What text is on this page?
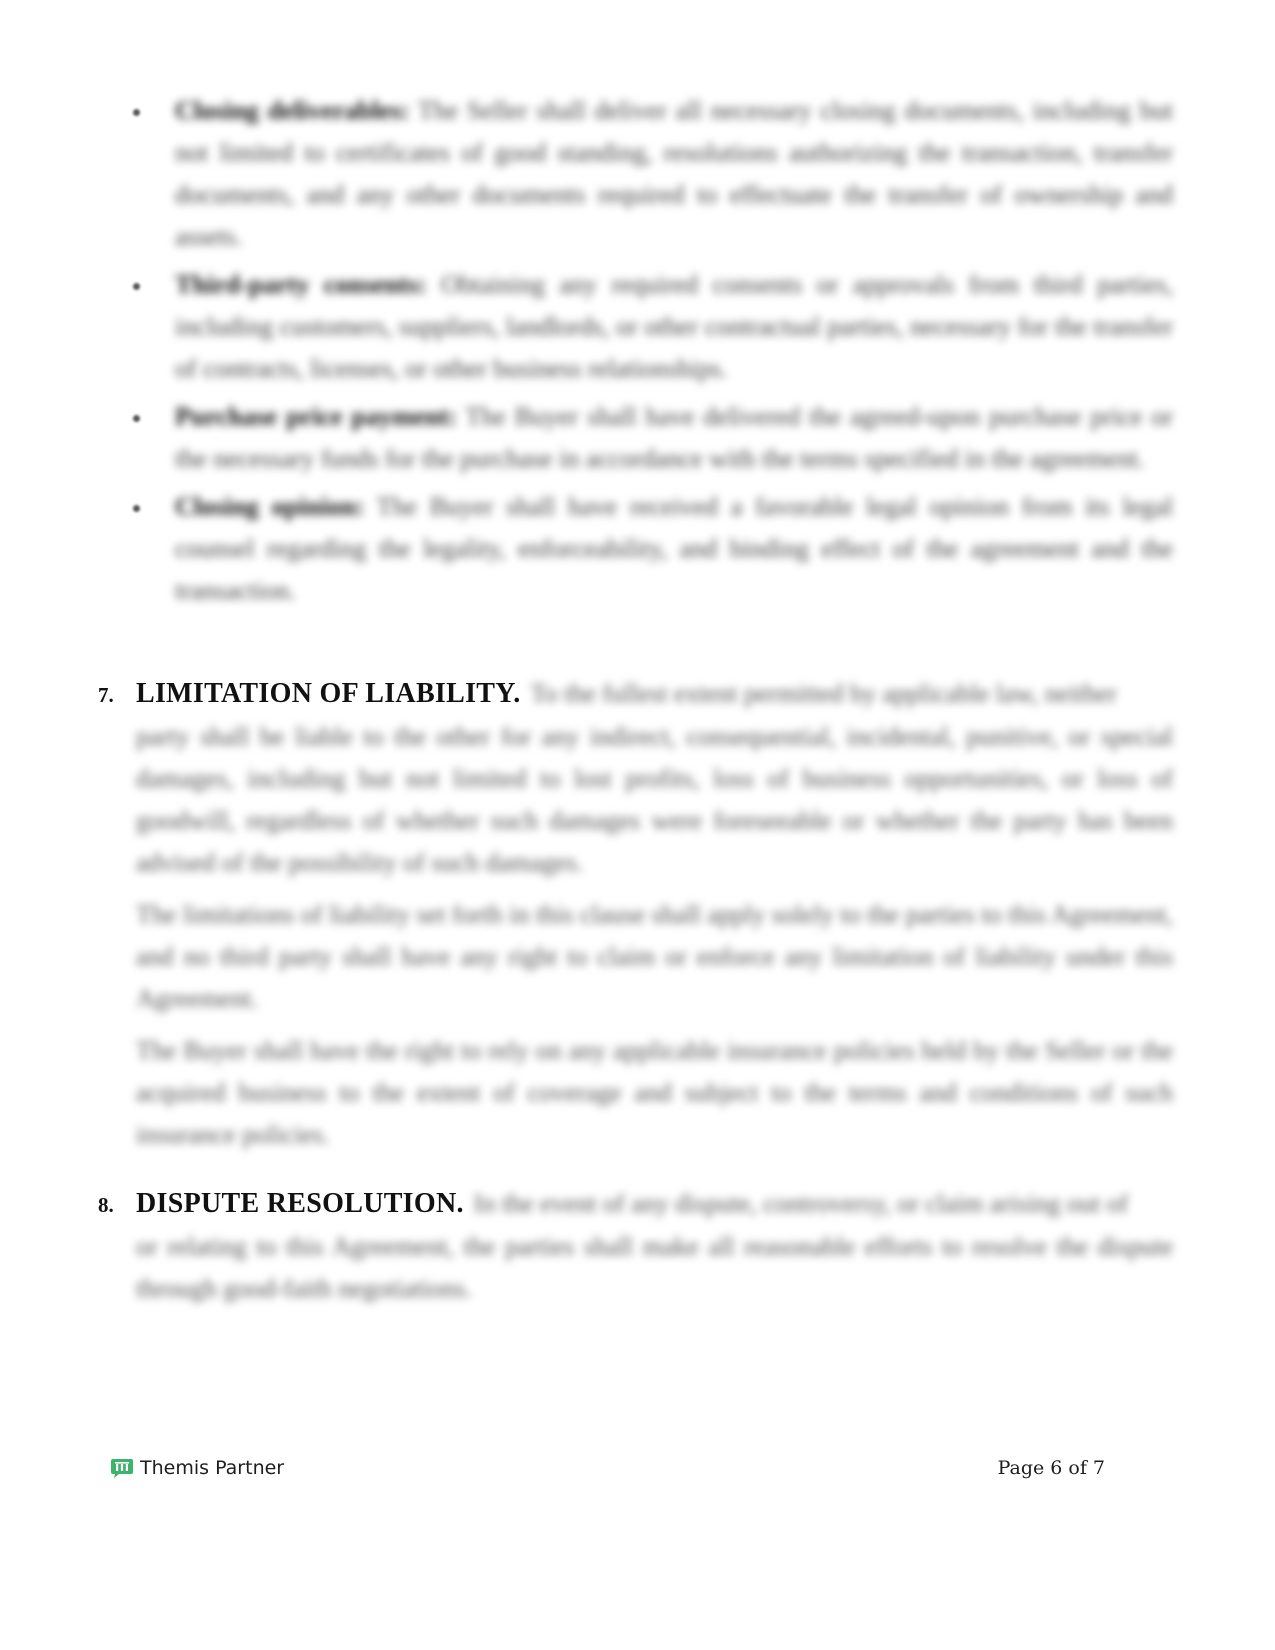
Closing deliverables: The Seller shall deliver all necessary closing documents, including but not limited to certificates of good standing, resolutions authorizing the transaction, transfer documents, and any other documents required to effectuate the transfer of ownership and assets.
Third-party consents: Obtaining any required consents or approvals from third parties, including customers, suppliers, landlords, or other contractual parties, necessary for the transfer of contracts, licenses, or other business relationships.
Purchase price payment: The Buyer shall have delivered the agreed-upon purchase price or the necessary funds for the purchase in accordance with the terms specified in the agreement.
Closing opinion: The Buyer shall have received a favorable legal opinion from its legal counsel regarding the legality, enforceability, and binding effect of the agreement and the transaction.
7. LIMITATION OF LIABILITY. To the fullest extent permitted by applicable law, neither

party shall be liable to the other for any indirect, consequential, incidental, punitive, or special damages, including but not limited to lost profits, loss of business opportunities, or loss of goodwill, regardless of whether such damages were foreseeable or whether the party has been advised of the possibility of such damages.

The limitations of liability set forth in this clause shall apply solely to the parties to this Agreement, and no third party shall have any right to claim or enforce any limitation of liability under this Agreement.

The Buyer shall have the right to rely on any applicable insurance policies held by the Seller or the acquired business to the extent of coverage and subject to the terms and conditions of such insurance policies.

8. DISPUTE RESOLUTION. In the event of any dispute, controversy, or claim arising out of

or relating to this Agreement, the parties shall make all reasonable efforts to resolve the dispute through good-faith negotiations.

Themis Partner	Page 6 of 7
